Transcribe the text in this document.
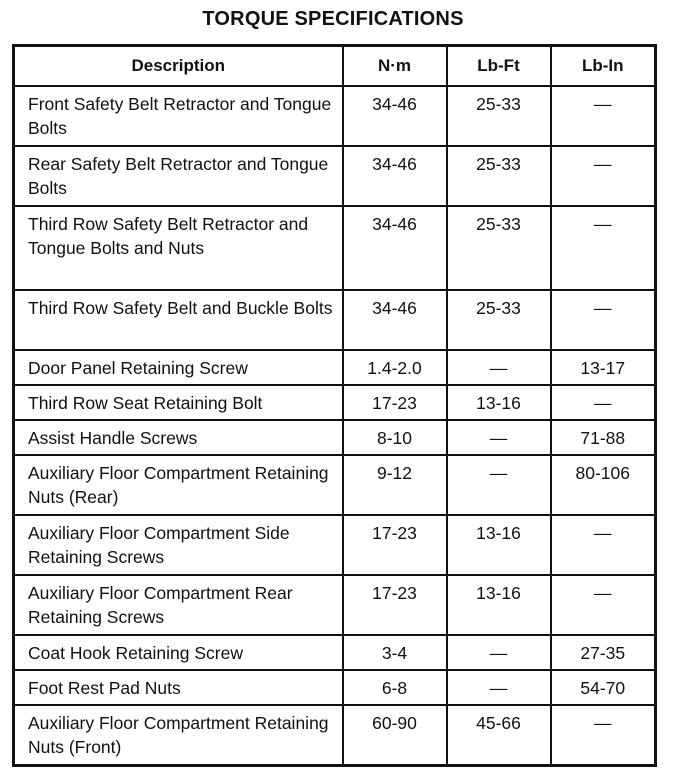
TORQUE SPECIFICATIONS
Description	N·m	Lb-Ft	Lb-In
Front Safety Belt Retractor and Tongue Bolts	34-46	25-33	—
Rear Safety Belt Retractor and Tongue Bolts	34-46	25-33	—
Third Row Safety Belt Retractor and Tongue Bolts and Nuts	34-46	25-33	—
Third Row Safety Belt and Buckle Bolts	34-46	25-33	—
Door Panel Retaining Screw	1.4-2.0	—	13-17
Third Row Seat Retaining Bolt	17-23	13-16	—
Assist Handle Screws	8-10	—	71-88
Auxiliary Floor Compartment Retaining Nuts (Rear)	9-12	—	80-106
Auxiliary Floor Compartment Side Retaining Screws	17-23	13-16	—
Auxiliary Floor Compartment Rear Retaining Screws	17-23	13-16	—
Coat Hook Retaining Screw	3-4	—	27-35
Foot Rest Pad Nuts	6-8	—	54-70
Auxiliary Floor Compartment Retaining Nuts (Front)	60-90	45-66	—
